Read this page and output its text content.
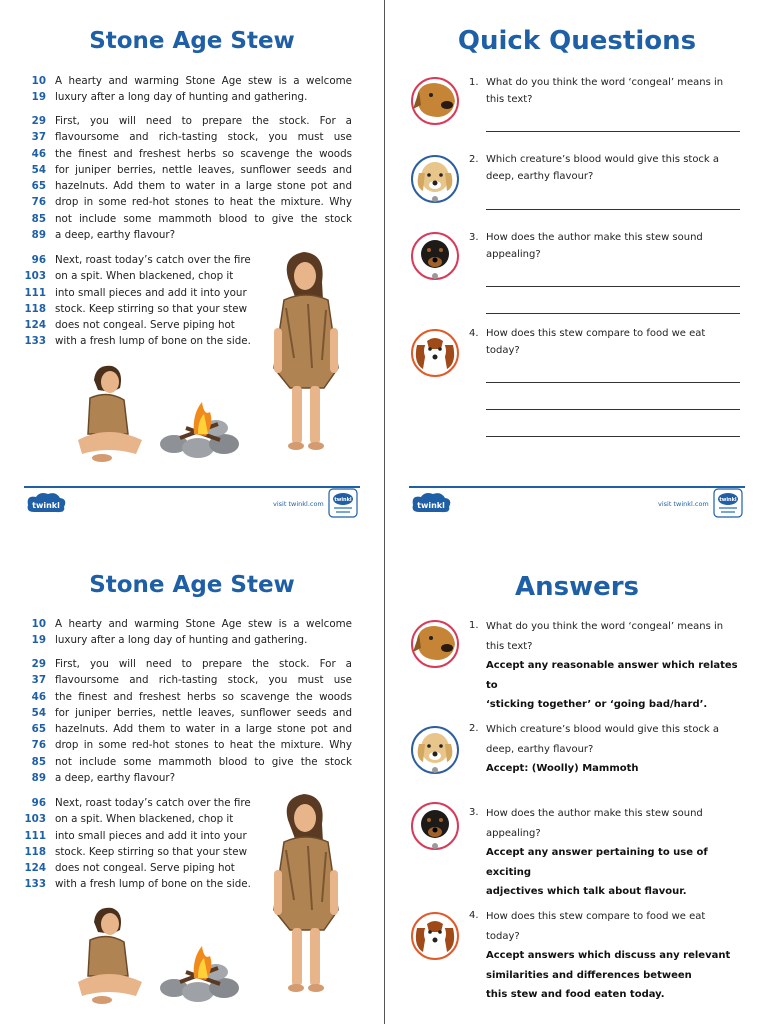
Stone Age Stew
10 A hearty and warming Stone Age stew is a welcome
19 luxury after a long day of hunting and gathering.
29 First, you will need to prepare the stock. For a
37 flavoursome and rich-tasting stock, you must use
46 the finest and freshest herbs so scavenge the woods
54 for juniper berries, nettle leaves, sunflower seeds and
65 hazelnuts. Add them to water in a large stone pot and
76 drop in some red-hot stones to heat the mixture. Why
85 not include some mammoth blood to give the stock
89 a deep, earthy flavour?
96 Next, roast today’s catch over the fire
103 on a spit. When blackened, chop it
111 into small pieces and add it into your
118 stock. Keep stirring so that your stew
124 does not congeal. Serve piping hot
133 with a fresh lump of bone on the side.
twinkl	visit twinkl.com twinkl
Quick Questions
1. What do you think the word ‘congeal’ means in
this text?
2. Which creature’s blood would give this stock a
deep, earthy flavour?
3. How does the author make this stew sound
appealing?
4. How does this stew compare to food we eat
today?
twinkl	visit twinkl.com twinkl
Stone Age Stew
10 A hearty and warming Stone Age stew is a welcome
19 luxury after a long day of hunting and gathering.
29 First, you will need to prepare the stock. For a
37 flavoursome and rich-tasting stock, you must use
46 the finest and freshest herbs so scavenge the woods
54 for juniper berries, nettle leaves, sunflower seeds and
65 hazelnuts. Add them to water in a large stone pot and
76 drop in some red-hot stones to heat the mixture. Why
85 not include some mammoth blood to give the stock
89 a deep, earthy flavour?
96 Next, roast today’s catch over the fire
103 on a spit. When blackened, chop it
111 into small pieces and add it into your
118 stock. Keep stirring so that your stew
124 does not congeal. Serve piping hot
133 with a fresh lump of bone on the side.
Answers
1. What do you think the word ‘congeal’ means in
this text?
Accept any reasonable answer which relates to
‘sticking together’ or ‘going bad/hard’.
2. Which creature’s blood would give this stock a
deep, earthy flavour?
Accept: (Woolly) Mammoth
3. How does the author make this stew sound
appealing?
Accept any answer pertaining to use of exciting
adjectives which talk about flavour.
4. How does this stew compare to food we eat
today?
Accept answers which discuss any relevant
similarities and differences between
this stew and food eaten today.
